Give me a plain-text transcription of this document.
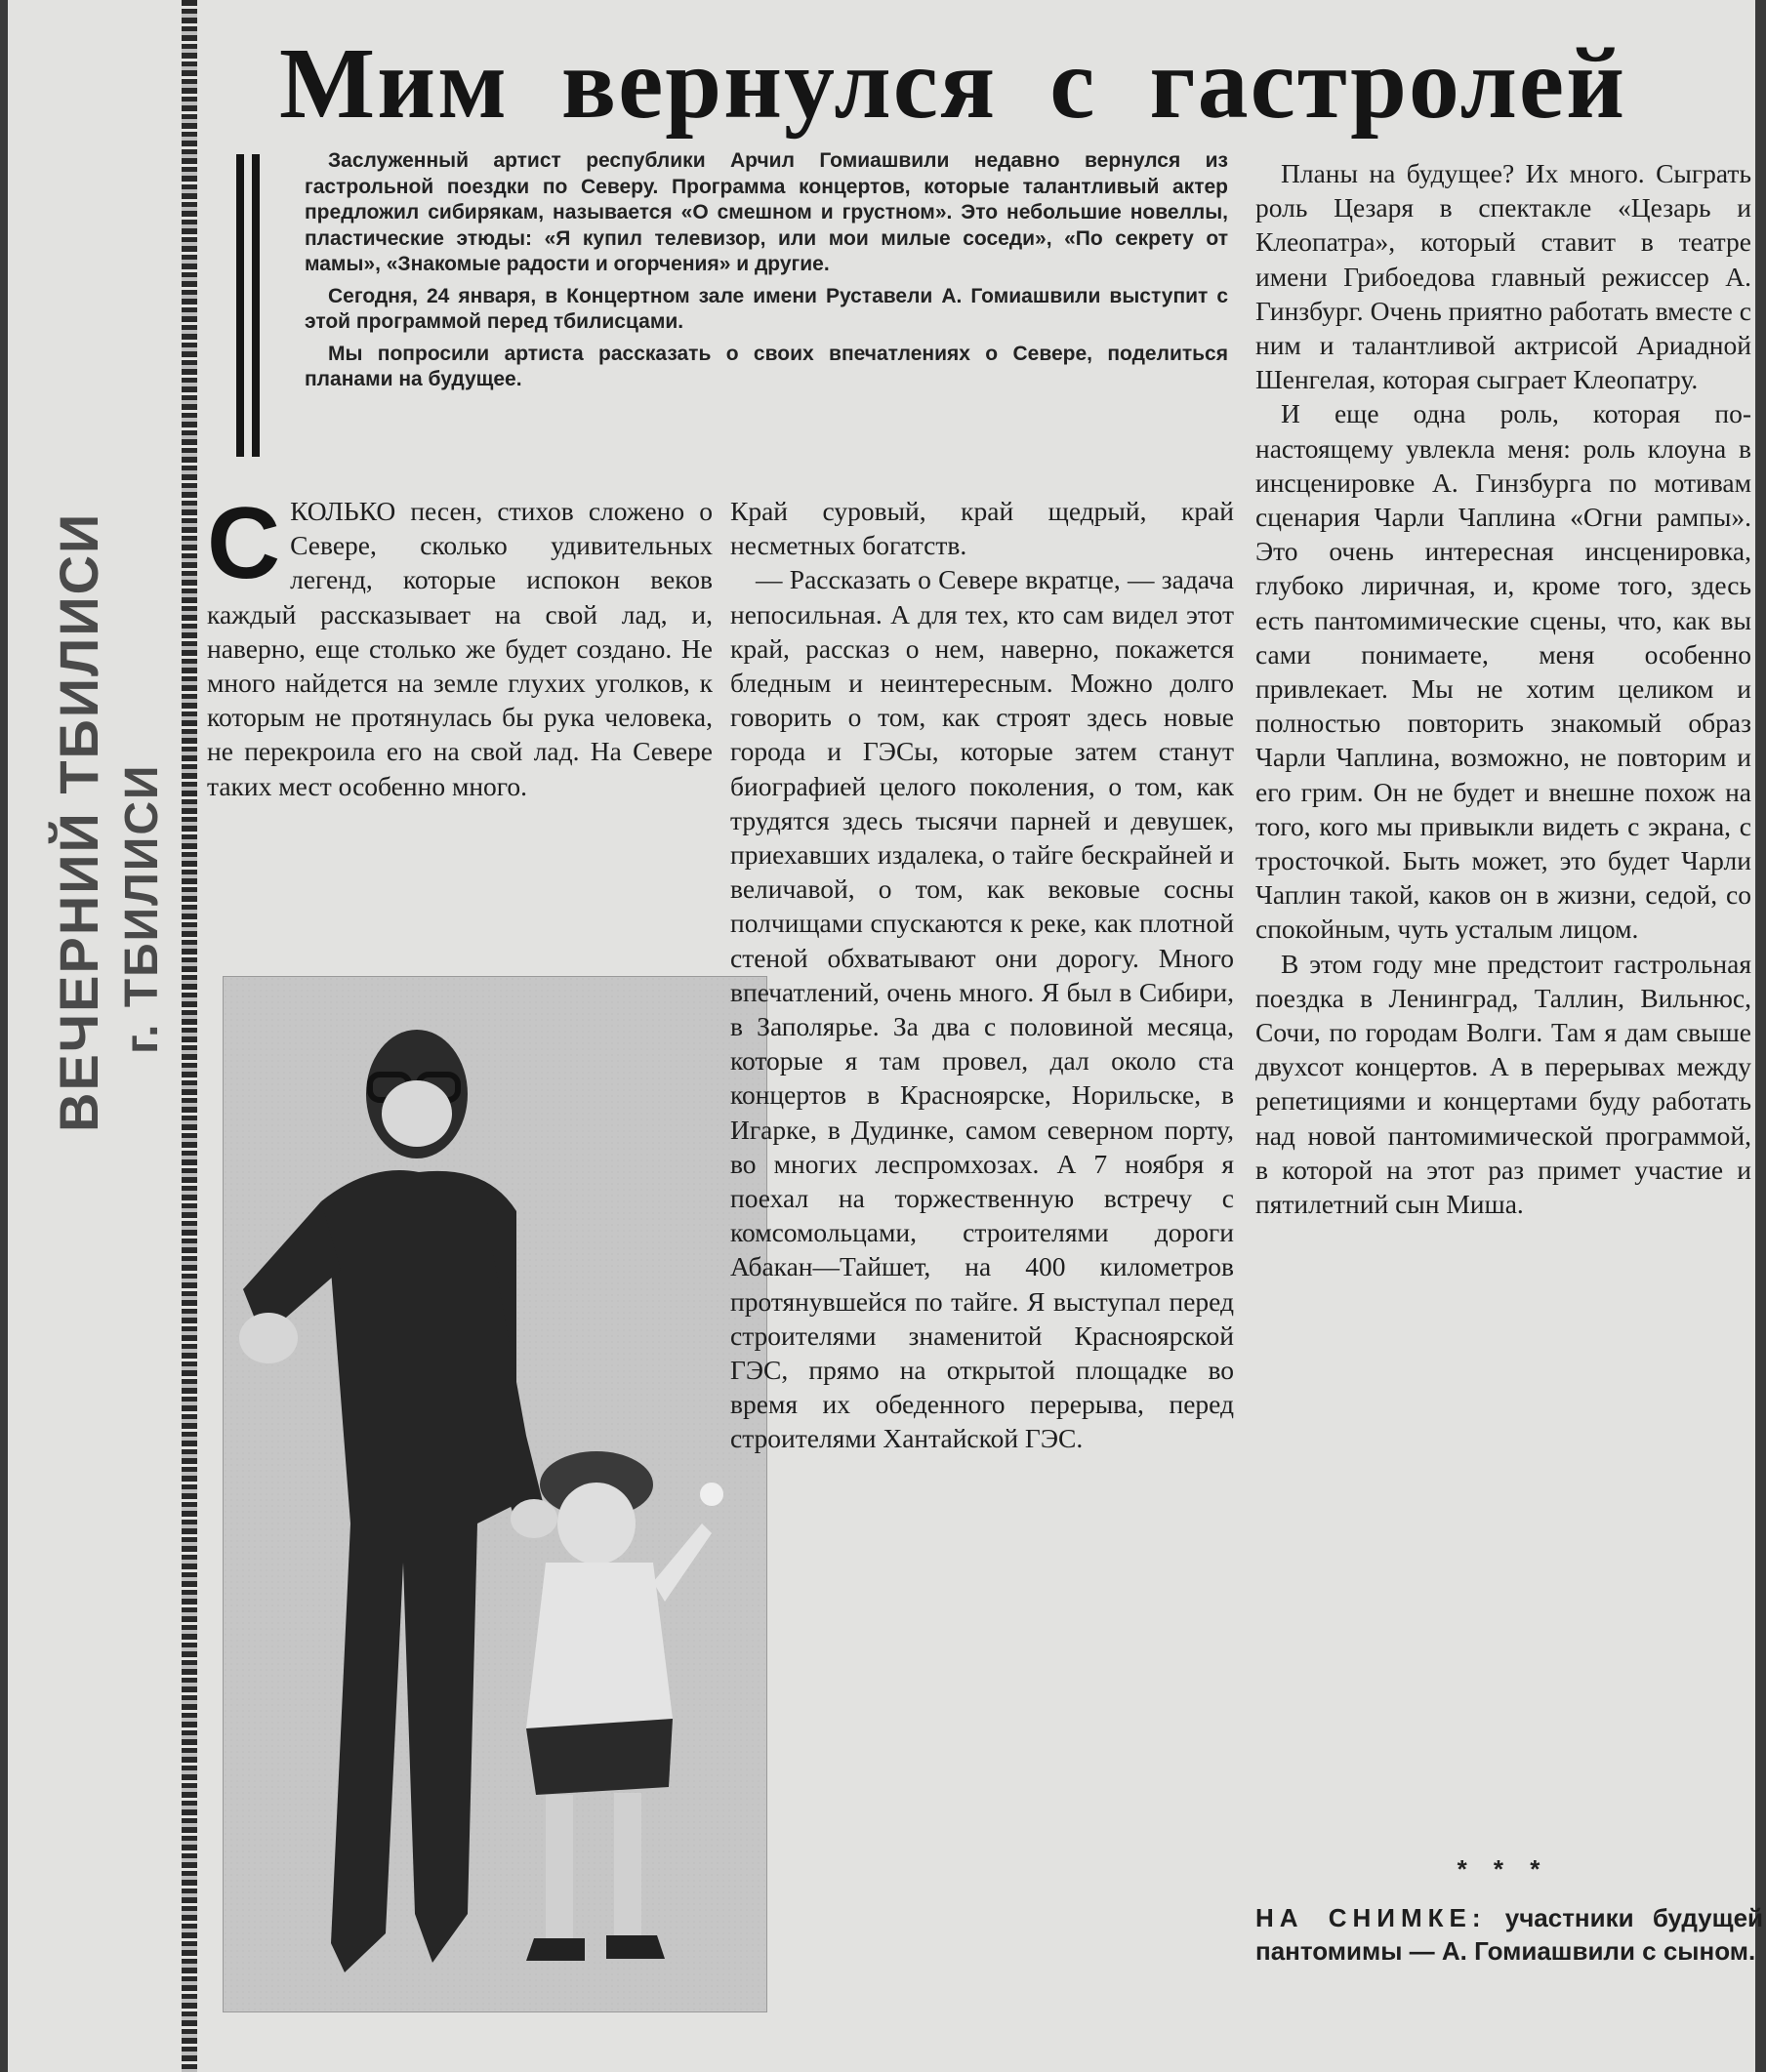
ВЕЧЕРНИЙ ТБИЛИСИ г. ТБИЛИСИ
Мим вернулся с гастролей

Заслуженный артист республики Арчил Гомиашвили недавно вернулся из гастрольной поездки по Северу. Программа концертов, которые талантливый актер предложил сибирякам, называется «О смешном и грустном». Это небольшие новеллы, пластические этюды: «Я купил телевизор, или мои милые соседи», «По секрету от мамы», «Знакомые радости и огорчения» и другие.

Сегодня, 24 января, в Концертном зале имени Руставели А. Гомиашвили выступит с этой программой перед тбилисцами.

Мы попросили артиста рассказать о своих впечатлениях о Севере, поделиться планами на будущее.

СКОЛЬКО песен, стихов сложено о Севере, сколько удивительных легенд, которые испокон веков каждый рассказывает на свой лад, и, наверно, еще столько же будет создано. Не много найдется на земле глухих уголков, к которым не протянулась бы рука человека, не перекроила его на свой лад. На Севере таких мест особенно много.

Край суровый, край щедрый, край несметных богатств.

— Рассказать о Севере вкратце, — задача непосильная. А для тех, кто сам видел этот край, рассказ о нем, наверно, покажется бледным и неинтересным. Можно долго говорить о том, как строят здесь новые города и ГЭСы, которые затем станут биографией целого поколения, о том, как трудятся здесь тысячи парней и девушек, приехавших издалека, о тайге бескрайней и величавой, о том, как вековые сосны полчищами спускаются к реке, как плотной стеной обхватывают они дорогу. Много впечатлений, очень много. Я был в Сибири, в Заполярье. За два с половиной месяца, которые я там провел, дал около ста концертов в Красноярске, Норильске, в Игарке, в Дудинке, самом северном порту, во многих леспромхозах. А 7 ноября я поехал на торжественную встречу с комсомольцами, строителями дороги Абакан—Тайшет, на 400 километров протянувшейся по тайге. Я выступал перед строителями знаменитой Красноярской ГЭС, прямо на открытой площадке во время их обеденного перерыва, перед строителями Хантайской ГЭС.

Планы на будущее? Их много. Сыграть роль Цезаря в спектакле «Цезарь и Клеопатра», который ставит в театре имени Грибоедова главный режиссер А. Гинзбург. Очень приятно работать вместе с ним и талантливой актрисой Ариадной Шенгелая, которая сыграет Клеопатру.

И еще одна роль, которая по-настоящему увлекла меня: роль клоуна в инсценировке А. Гинзбурга по мотивам сценария Чарли Чаплина «Огни рампы». Это очень интересная инсценировка, глубоко лиричная, и, кроме того, здесь есть пантомимические сцены, что, как вы сами понимаете, меня особенно привлекает. Мы не хотим целиком и полностью повторить знакомый образ Чарли Чаплина, возможно, не повторим и его грим. Он не будет и внешне похож на того, кого мы привыкли видеть с экрана, с тросточкой. Быть может, это будет Чарли Чаплин такой, каков он в жизни, седой, со спокойным, чуть усталым лицом.

В этом году мне предстоит гастрольная поездка в Ленинград, Таллин, Вильнюс, Сочи, по городам Волги. Там я дам свыше двухсот концертов. А в перерывах между репетициями и концертами буду работать над новой пантомимической программой, в которой на этот раз примет участие и пятилетний сын Миша.

* * *
НА СНИМКЕ: участники будущей пантомимы — А. Гомиашвили с сыном.
